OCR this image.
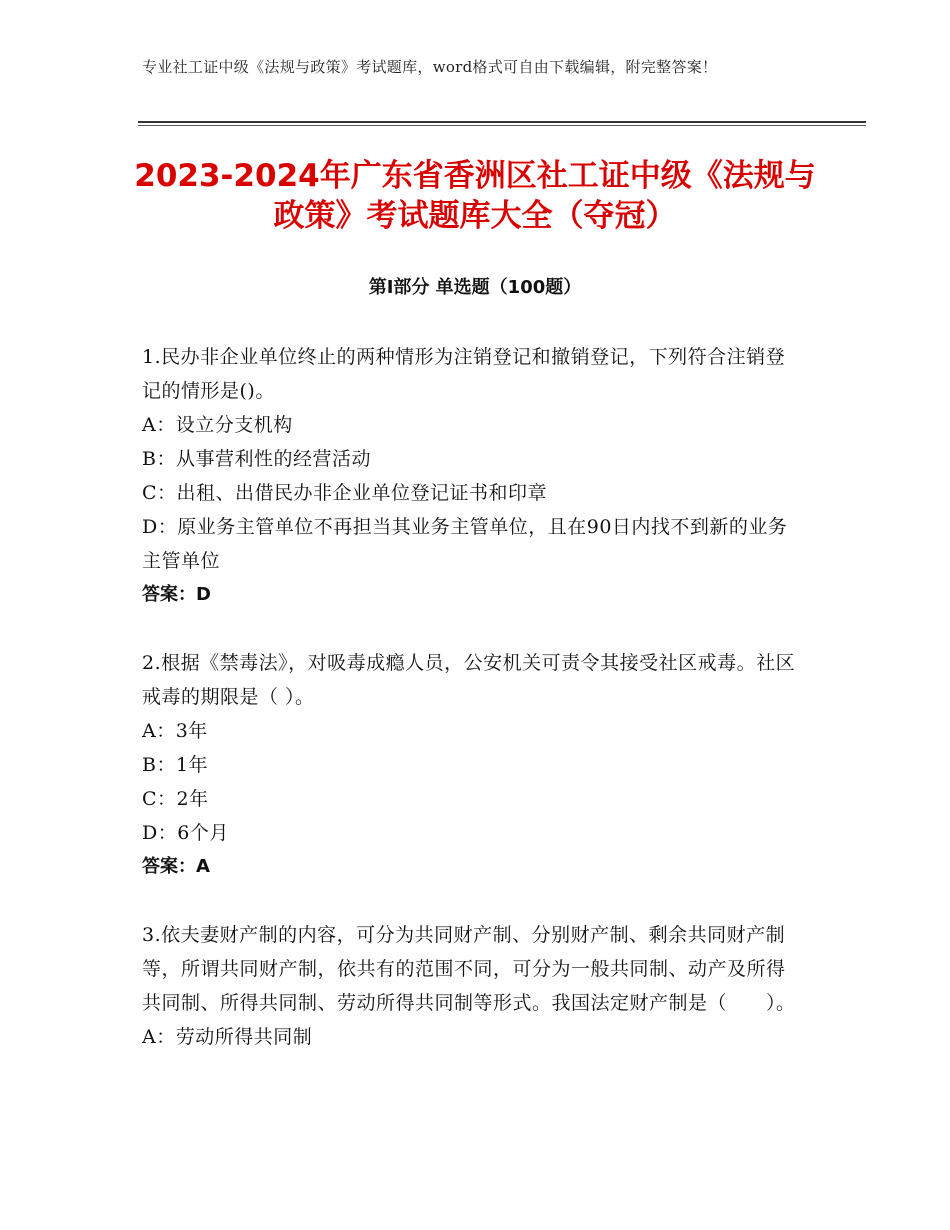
专业社工证中级《法规与政策》考试题库，word格式可自由下载编辑，附完整答案！
2023-2024年广东省香洲区社工证中级《法规与政策》考试题库大全（夺冠）
第Ⅰ部分 单选题（100题）
1.民办非企业单位终止的两种情形为注销登记和撤销登记，下列符合注销登记的情形是()。
A：设立分支机构
B：从事营利性的经营活动
C：出租、出借民办非企业单位登记证书和印章
D：原业务主管单位不再担当其业务主管单位，且在90日内找不到新的业务主管单位
答案：D
2.根据《禁毒法》，对吸毒成瘾人员，公安机关可责令其接受社区戒毒。社区戒毒的期限是（ ）。
A：3年
B：1年
C：2年
D：6个月
答案：A
3.依夫妻财产制的内容，可分为共同财产制、分别财产制、剩余共同财产制等，所谓共同财产制，依共有的范围不同，可分为一般共同制、动产及所得共同制、所得共同制、劳动所得共同制等形式。我国法定财产制是（　　）。
A：劳动所得共同制
